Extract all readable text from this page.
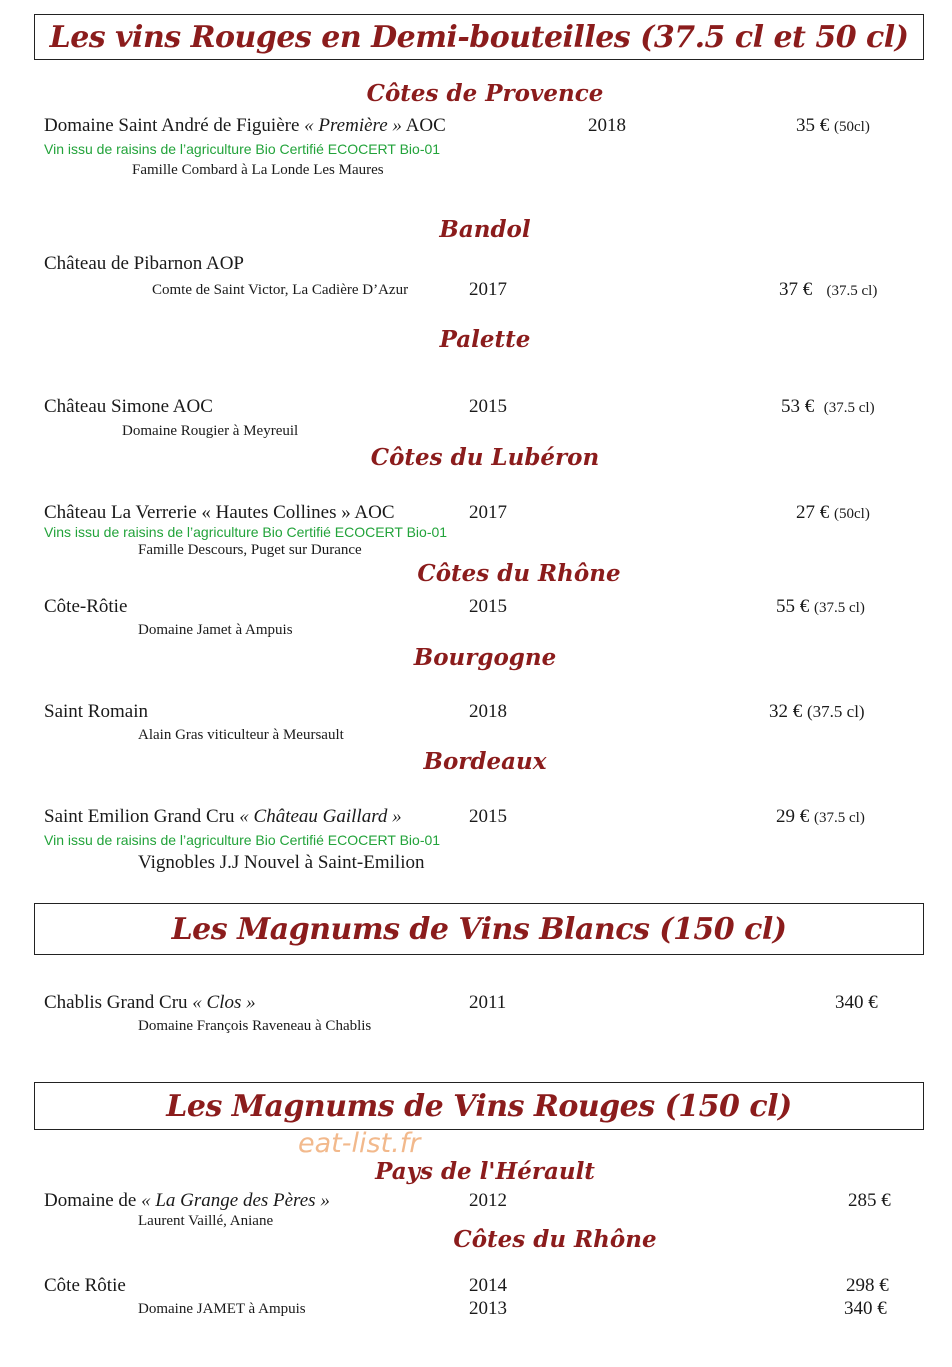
Les vins Rouges en Demi-bouteilles (37.5 cl et 50 cl)
Côtes de Provence
Domaine Saint André de Figuière « Première » AOC	2018	35 € (50cl)
Vin issu de raisins de l’agriculture Bio Certifié ECOCERT Bio-01
Famille Combard à La Londe Les Maures
Bandol
Château de Pibarnon AOP
Comte de Saint Victor, La Cadière D’Azur	2017	37 € (37.5 cl)
Palette
Château Simone AOC	2015	53 € (37.5 cl)
Domaine Rougier à Meyreuil
Côtes du Lubéron
Château La Verrerie « Hautes Collines » AOC	2017	27 € (50cl)
Vins issu de raisins de l’agriculture Bio Certifié ECOCERT Bio-01
Famille Descours, Puget sur Durance
Côtes du Rhône
Côte-Rôtie	2015	55 € (37.5 cl)
Domaine Jamet à Ampuis
Bourgogne
Saint Romain	2018	32 € (37.5 cl)
Alain Gras viticulteur à Meursault
Bordeaux
Saint Emilion Grand Cru « Château Gaillard »	2015	29 € (37.5 cl)
Vin issu de raisins de l’agriculture Bio Certifié ECOCERT Bio-01
Vignobles J.J Nouvel à Saint-Emilion
Les Magnums de Vins Blancs (150 cl)
Chablis Grand Cru « Clos »	2011	340 €
Domaine François Raveneau à Chablis
Les Magnums de Vins Rouges (150 cl)
eat-list.fr
Pays de l'Hérault
Domaine de « La Grange des Pères »	2012	285 €
Laurent Vaillé, Aniane
Côtes du Rhône
Côte Rôtie	2014	298 €
Domaine JAMET à Ampuis	2013	340 €
